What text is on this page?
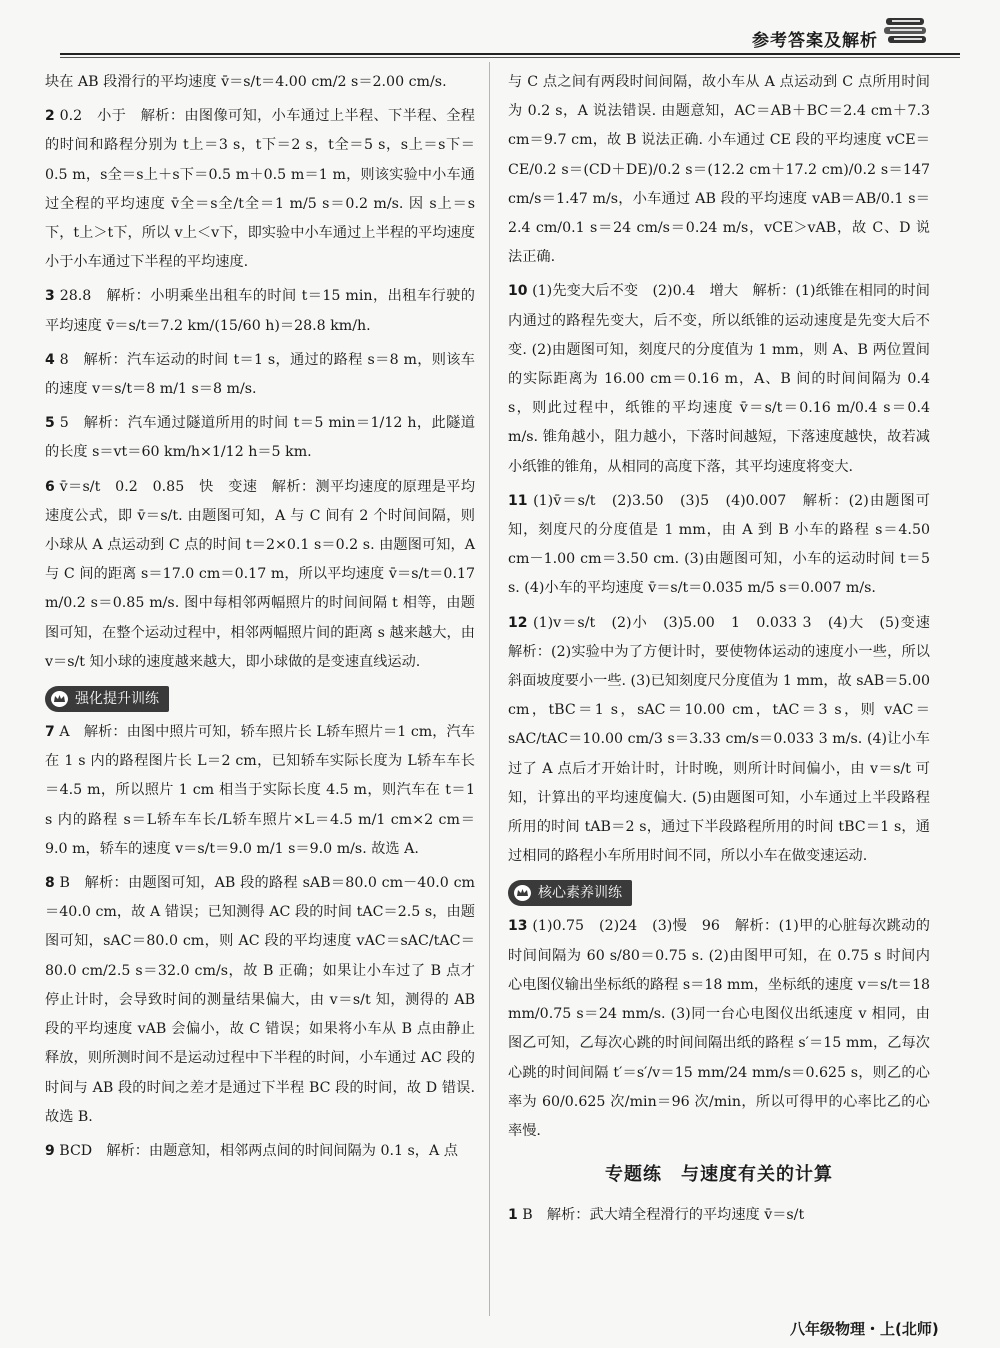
参考答案及解析

块在 AB 段滑行的平均速度 v̄＝s/t＝4.00 cm/2 s＝2.00 cm/s.

2 0.2　小于　解析：由图像可知，小车通过上半程、下半程、全程的时间和路程分别为 t上＝3 s，t下＝2 s，t全＝5 s，s上＝s下＝0.5 m，s全＝s上＋s下＝0.5 m＋0.5 m＝1 m，则该实验中小车通过全程的平均速度 v̄全＝s全/t全＝1 m/5 s＝0.2 m/s. 因 s上＝s下，t上＞t下，所以 v上＜v下，即实验中小车通过上半程的平均速度小于小车通过下半程的平均速度.

3 28.8　解析：小明乘坐出租车的时间 t＝15 min，出租车行驶的平均速度 v̄＝s/t＝7.2 km/(15/60 h)＝28.8 km/h.

4 8　解析：汽车运动的时间 t＝1 s，通过的路程 s＝8 m，则该车的速度 v＝s/t＝8 m/1 s＝8 m/s.

5 5　解析：汽车通过隧道所用的时间 t＝5 min＝1/12 h，此隧道的长度 s＝vt＝60 km/h×1/12 h＝5 km.

6 v̄＝s/t　0.2　0.85　快　变速　解析：测平均速度的原理是平均速度公式，即 v̄＝s/t. 由题图可知，A 与 C 间有 2 个时间间隔，则小球从 A 点运动到 C 点的时间 t＝2×0.1 s＝0.2 s. 由题图可知，A 与 C 间的距离 s＝17.0 cm＝0.17 m，所以平均速度 v̄＝s/t＝0.17 m/0.2 s＝0.85 m/s. 图中每相邻两幅照片的时间间隔 t 相等，由题图可知，在整个运动过程中，相邻两幅照片间的距离 s 越来越大，由 v＝s/t 知小球的速度越来越大，即小球做的是变速直线运动.

强化提升训练

7 A　解析：由图中照片可知，轿车照片长 L轿车照片＝1 cm，汽车在 1 s 内的路程图片长 L＝2 cm，已知轿车实际长度为 L轿车车长＝4.5 m，所以照片 1 cm 相当于实际长度 4.5 m，则汽车在 t＝1 s 内的路程 s＝L轿车车长/L轿车照片×L＝4.5 m/1 cm×2 cm＝9.0 m，轿车的速度 v＝s/t＝9.0 m/1 s＝9.0 m/s. 故选 A.

8 B　解析：由题图可知，AB 段的路程 sAB＝80.0 cm－40.0 cm＝40.0 cm，故 A 错误；已知测得 AC 段的时间 tAC＝2.5 s，由题图可知，sAC＝80.0 cm，则 AC 段的平均速度 vAC＝sAC/tAC＝80.0 cm/2.5 s＝32.0 cm/s，故 B 正确；如果让小车过了 B 点才停止计时，会导致时间的测量结果偏大，由 v＝s/t 知，测得的 AB 段的平均速度 vAB 会偏小，故 C 错误；如果将小车从 B 点由静止释放，则所测时间不是运动过程中下半程的时间，小车通过 AC 段的时间与 AB 段的时间之差才是通过下半程 BC 段的时间，故 D 错误. 故选 B.

9 BCD　解析：由题意知，相邻两点间的时间间隔为 0.1 s，A 点

与 C 点之间有两段时间间隔，故小车从 A 点运动到 C 点所用时间为 0.2 s，A 说法错误. 由题意知，AC＝AB＋BC＝2.4 cm＋7.3 cm＝9.7 cm，故 B 说法正确. 小车通过 CE 段的平均速度 vCE＝CE/0.2 s＝(CD＋DE)/0.2 s＝(12.2 cm＋17.2 cm)/0.2 s＝147 cm/s＝1.47 m/s，小车通过 AB 段的平均速度 vAB＝AB/0.1 s＝2.4 cm/0.1 s＝24 cm/s＝0.24 m/s，vCE＞vAB，故 C、D 说法正确.

10 (1)先变大后不变　(2)0.4　增大　解析：(1)纸锥在相同的时间内通过的路程先变大，后不变，所以纸锥的运动速度是先变大后不变. (2)由题图可知，刻度尺的分度值为 1 mm，则 A、B 两位置间的实际距离为 16.00 cm＝0.16 m，A、B 间的时间间隔为 0.4 s，则此过程中，纸锥的平均速度 v̄＝s/t＝0.16 m/0.4 s＝0.4 m/s. 锥角越小，阻力越小，下落时间越短，下落速度越快，故若减小纸锥的锥角，从相同的高度下落，其平均速度将变大.

11 (1)v̄＝s/t　(2)3.50　(3)5　(4)0.007　解析：(2)由题图可知，刻度尺的分度值是 1 mm，由 A 到 B 小车的路程 s＝4.50 cm－1.00 cm＝3.50 cm. (3)由题图可知，小车的运动时间 t＝5 s. (4)小车的平均速度 v̄＝s/t＝0.035 m/5 s＝0.007 m/s.

12 (1)v＝s/t　(2)小　(3)5.00　1　0.033 3　(4)大　(5)变速　解析：(2)实验中为了方便计时，要使物体运动的速度小一些，所以斜面坡度要小一些. (3)已知刻度尺分度值为 1 mm，故 sAB＝5.00 cm，tBC＝1 s，sAC＝10.00 cm，tAC＝3 s，则 vAC＝sAC/tAC＝10.00 cm/3 s＝3.33 cm/s＝0.033 3 m/s. (4)让小车过了 A 点后才开始计时，计时晚，则所计时间偏小，由 v＝s/t 可知，计算出的平均速度偏大. (5)由题图可知，小车通过上半段路程所用的时间 tAB＝2 s，通过下半段路程所用的时间 tBC＝1 s，通过相同的路程小车所用时间不同，所以小车在做变速运动.

核心素养训练

13 (1)0.75　(2)24　(3)慢　96　解析：(1)甲的心脏每次跳动的时间间隔为 60 s/80＝0.75 s. (2)由图甲可知，在 0.75 s 时间内心电图仪输出坐标纸的路程 s＝18 mm，坐标纸的速度 v＝s/t＝18 mm/0.75 s＝24 mm/s. (3)同一台心电图仪出纸速度 v 相同，由图乙可知，乙每次心跳的时间间隔出纸的路程 s′＝15 mm，乙每次心跳的时间间隔 t′＝s′/v＝15 mm/24 mm/s＝0.625 s，则乙的心率为 60/0.625 次/min＝96 次/min，所以可得甲的心率比乙的心率慢.

专题练　与速度有关的计算

1 B　解析：武大靖全程滑行的平均速度 v̄＝s/t

八年级物理・上(北师)
